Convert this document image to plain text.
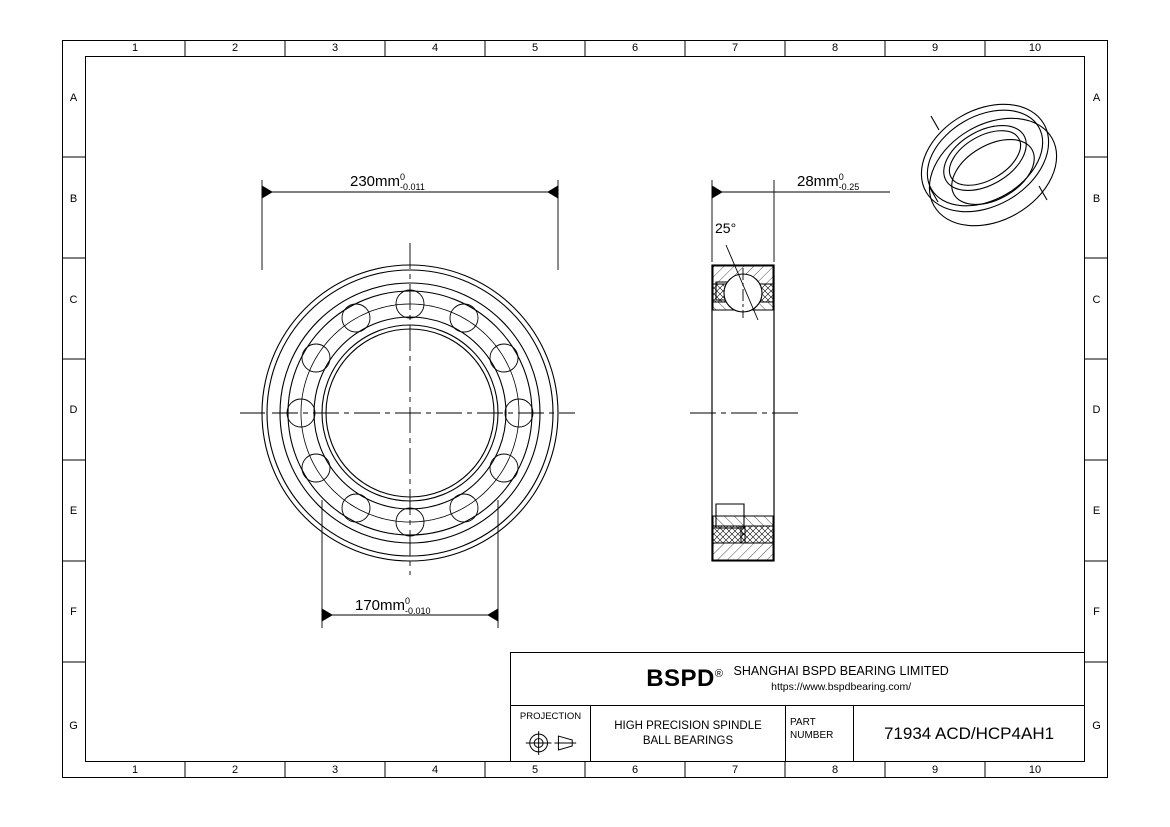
1	2	3	4	5	6	7	8	9	10
1	2	3	4	5	6	7	8	9	10
A
B
C
D
E
F
G
A
B
C
D
E
F
G
230mm 0
-0.011
170mm 0
-0.010
28mm 0
-0.25
25°
BSPD® SHANGHAI BSPD BEARING LIMITED
https://www.bspdbearing.com/
PROJECTION
HIGH PRECISION SPINDLE
BALL BEARINGS
PART
NUMBER	71934 ACD/HCP4AH1
